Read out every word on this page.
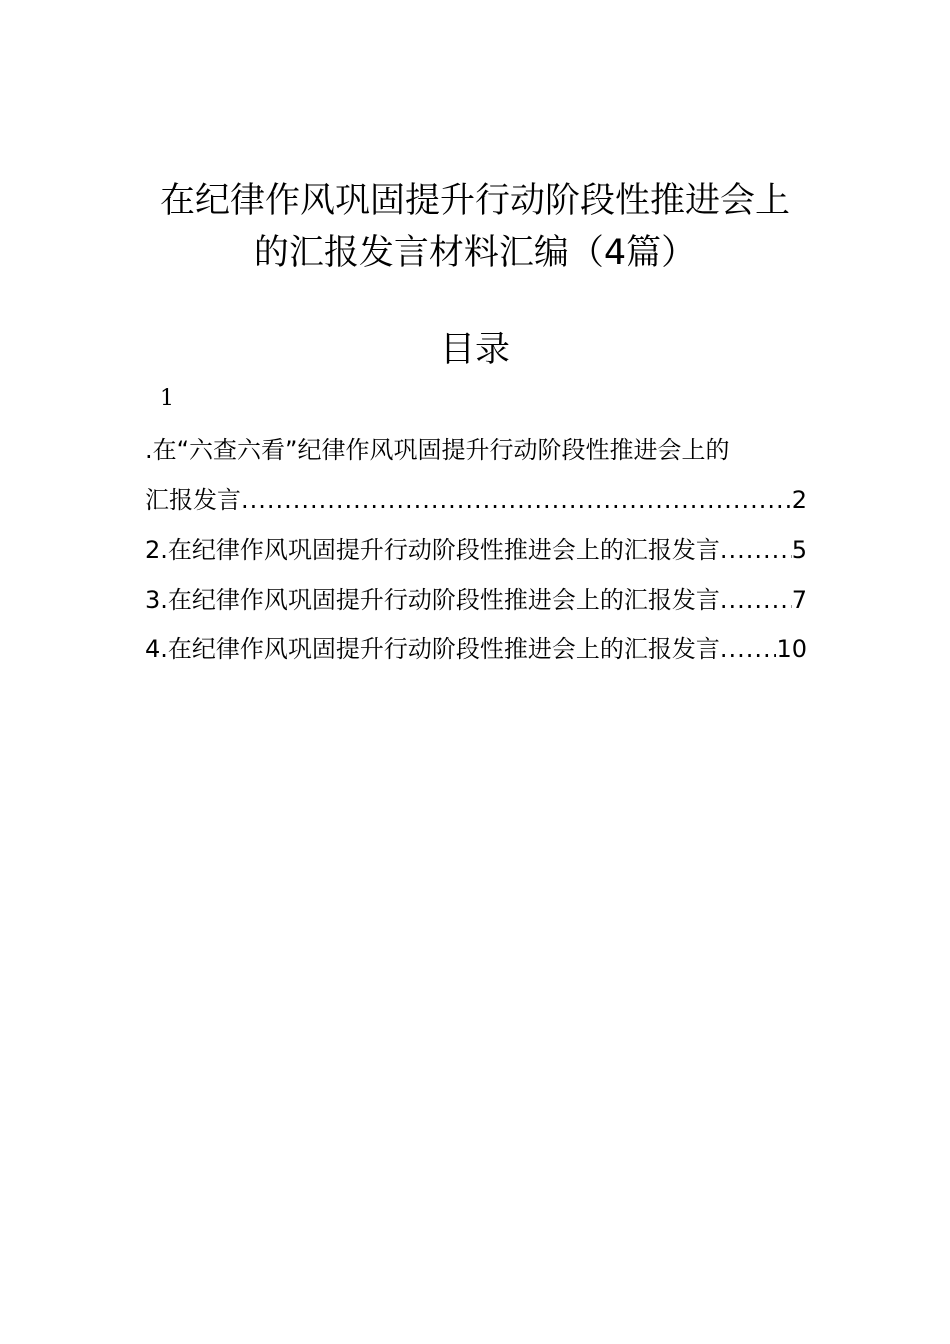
在纪律作风巩固提升行动阶段性推进会上
的汇报发言材料汇编（4篇）
目录
1
.在“六查六看”纪律作风巩固提升行动阶段性推进会上的
汇报发言 .....	2
2.在纪律作风巩固提升行动阶段性推进会上的汇报发言 .....	5
3.在纪律作风巩固提升行动阶段性推进会上的汇报发言 .....	7
4.在纪律作风巩固提升行动阶段性推进会上的汇报发言 ..... 10
